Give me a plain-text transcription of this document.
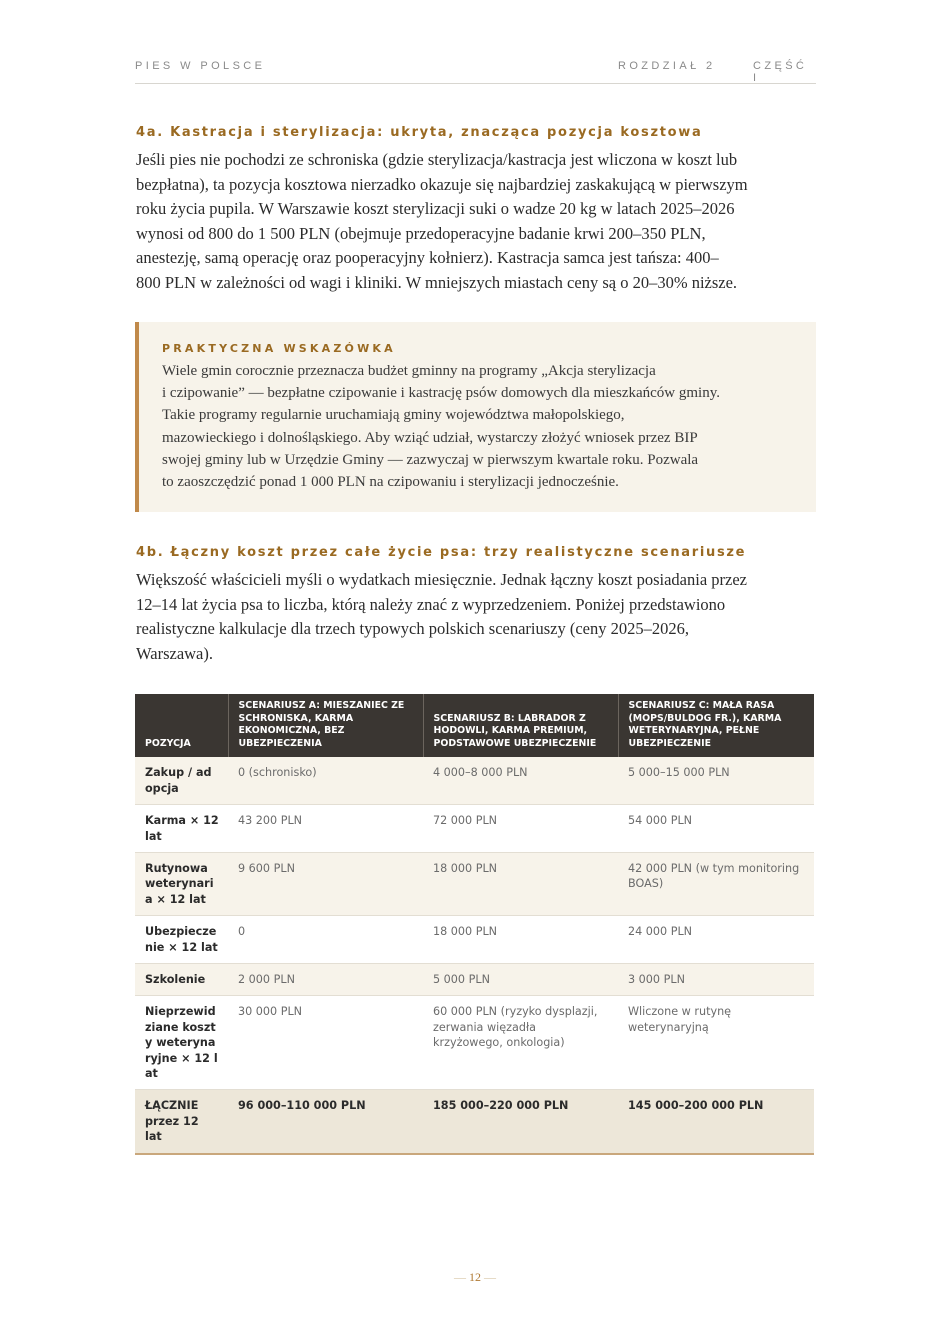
PIES W POLSCE	ROZDZIAŁ 2	CZĘŚĆ I
4a. Kastracja i sterylizacja: ukryta, znacząca pozycja kosztowa

Jeśli pies nie pochodzi ze schroniska (gdzie sterylizacja/kastracja jest wliczona w koszt lub
bezpłatna), ta pozycja kosztowa nierzadko okazuje się najbardziej zaskakującą w pierwszym
roku życia pupila. W Warszawie koszt sterylizacji suki o wadze 20 kg w latach 2025–2026
wynosi od 800 do 1 500 PLN (obejmuje przedoperacyjne badanie krwi 200–350 PLN,
anestezję, samą operację oraz pooperacyjny kołnierz). Kastracja samca jest tańsza: 400–
800 PLN w zależności od wagi i kliniki. W mniejszych miastach ceny są o 20–30% niższe.

PRAKTYCZNA WSKAZÓWKA
Wiele gmin corocznie przeznacza budżet gminny na programy „Akcja sterylizacja
i czipowanie” — bezpłatne czipowanie i kastrację psów domowych dla mieszkańców gminy.
Takie programy regularnie uruchamiają gminy województwa małopolskiego,
mazowieckiego i dolnośląskiego. Aby wziąć udział, wystarczy złożyć wniosek przez BIP
swojej gminy lub w Urzędzie Gminy — zazwyczaj w pierwszym kwartale roku. Pozwala
to zaoszczędzić ponad 1 000 PLN na czipowaniu i sterylizacji jednocześnie.
4b. Łączny koszt przez całe życie psa: trzy realistyczne scenariusze

Większość właścicieli myśli o wydatkach miesięcznie. Jednak łączny koszt posiadania przez
12–14 lat życia psa to liczba, którą należy znać z wyprzedzeniem. Poniżej przedstawiono
realistyczne kalkulacje dla trzech typowych polskich scenariuszy (ceny 2025–2026,
Warszawa).

POZYCJA	SCENARIUSZ A: MIESZANIEC ZE SCHRONISKA, KARMA EKONOMICZNA, BEZ UBEZPIECZENIA	SCENARIUSZ B: LABRADOR Z HODOWLI, KARMA PREMIUM, PODSTAWOWE UBEZPIECZENIE	SCENARIUSZ C: MAŁA RASA (MOPS/BULDOG FR.), KARMA WETERYNARYJNA, PEŁNE UBEZPIECZENIE
Zakup / adopcja	0 (schronisko)	4 000–8 000 PLN	5 000–15 000 PLN
Karma × 12 lat	43 200 PLN	72 000 PLN	54 000 PLN
Rutynowa weterynaria × 12 lat	9 600 PLN	18 000 PLN	42 000 PLN (w tym monitoring BOAS)
Ubezpieczenie × 12 lat	0	18 000 PLN	24 000 PLN
Szkolenie	2 000 PLN	5 000 PLN	3 000 PLN
Nieprzewidziane koszty weterynaryjne × 12 lat	30 000 PLN	60 000 PLN (ryzyko dysplazji, zerwania więzadła krzyżowego, onkologia)	Wliczone w rutynę weterynaryjną
ŁĄCZNIE przez 12 lat	96 000–110 000 PLN	185 000–220 000 PLN	145 000–200 000 PLN
— 12 —
